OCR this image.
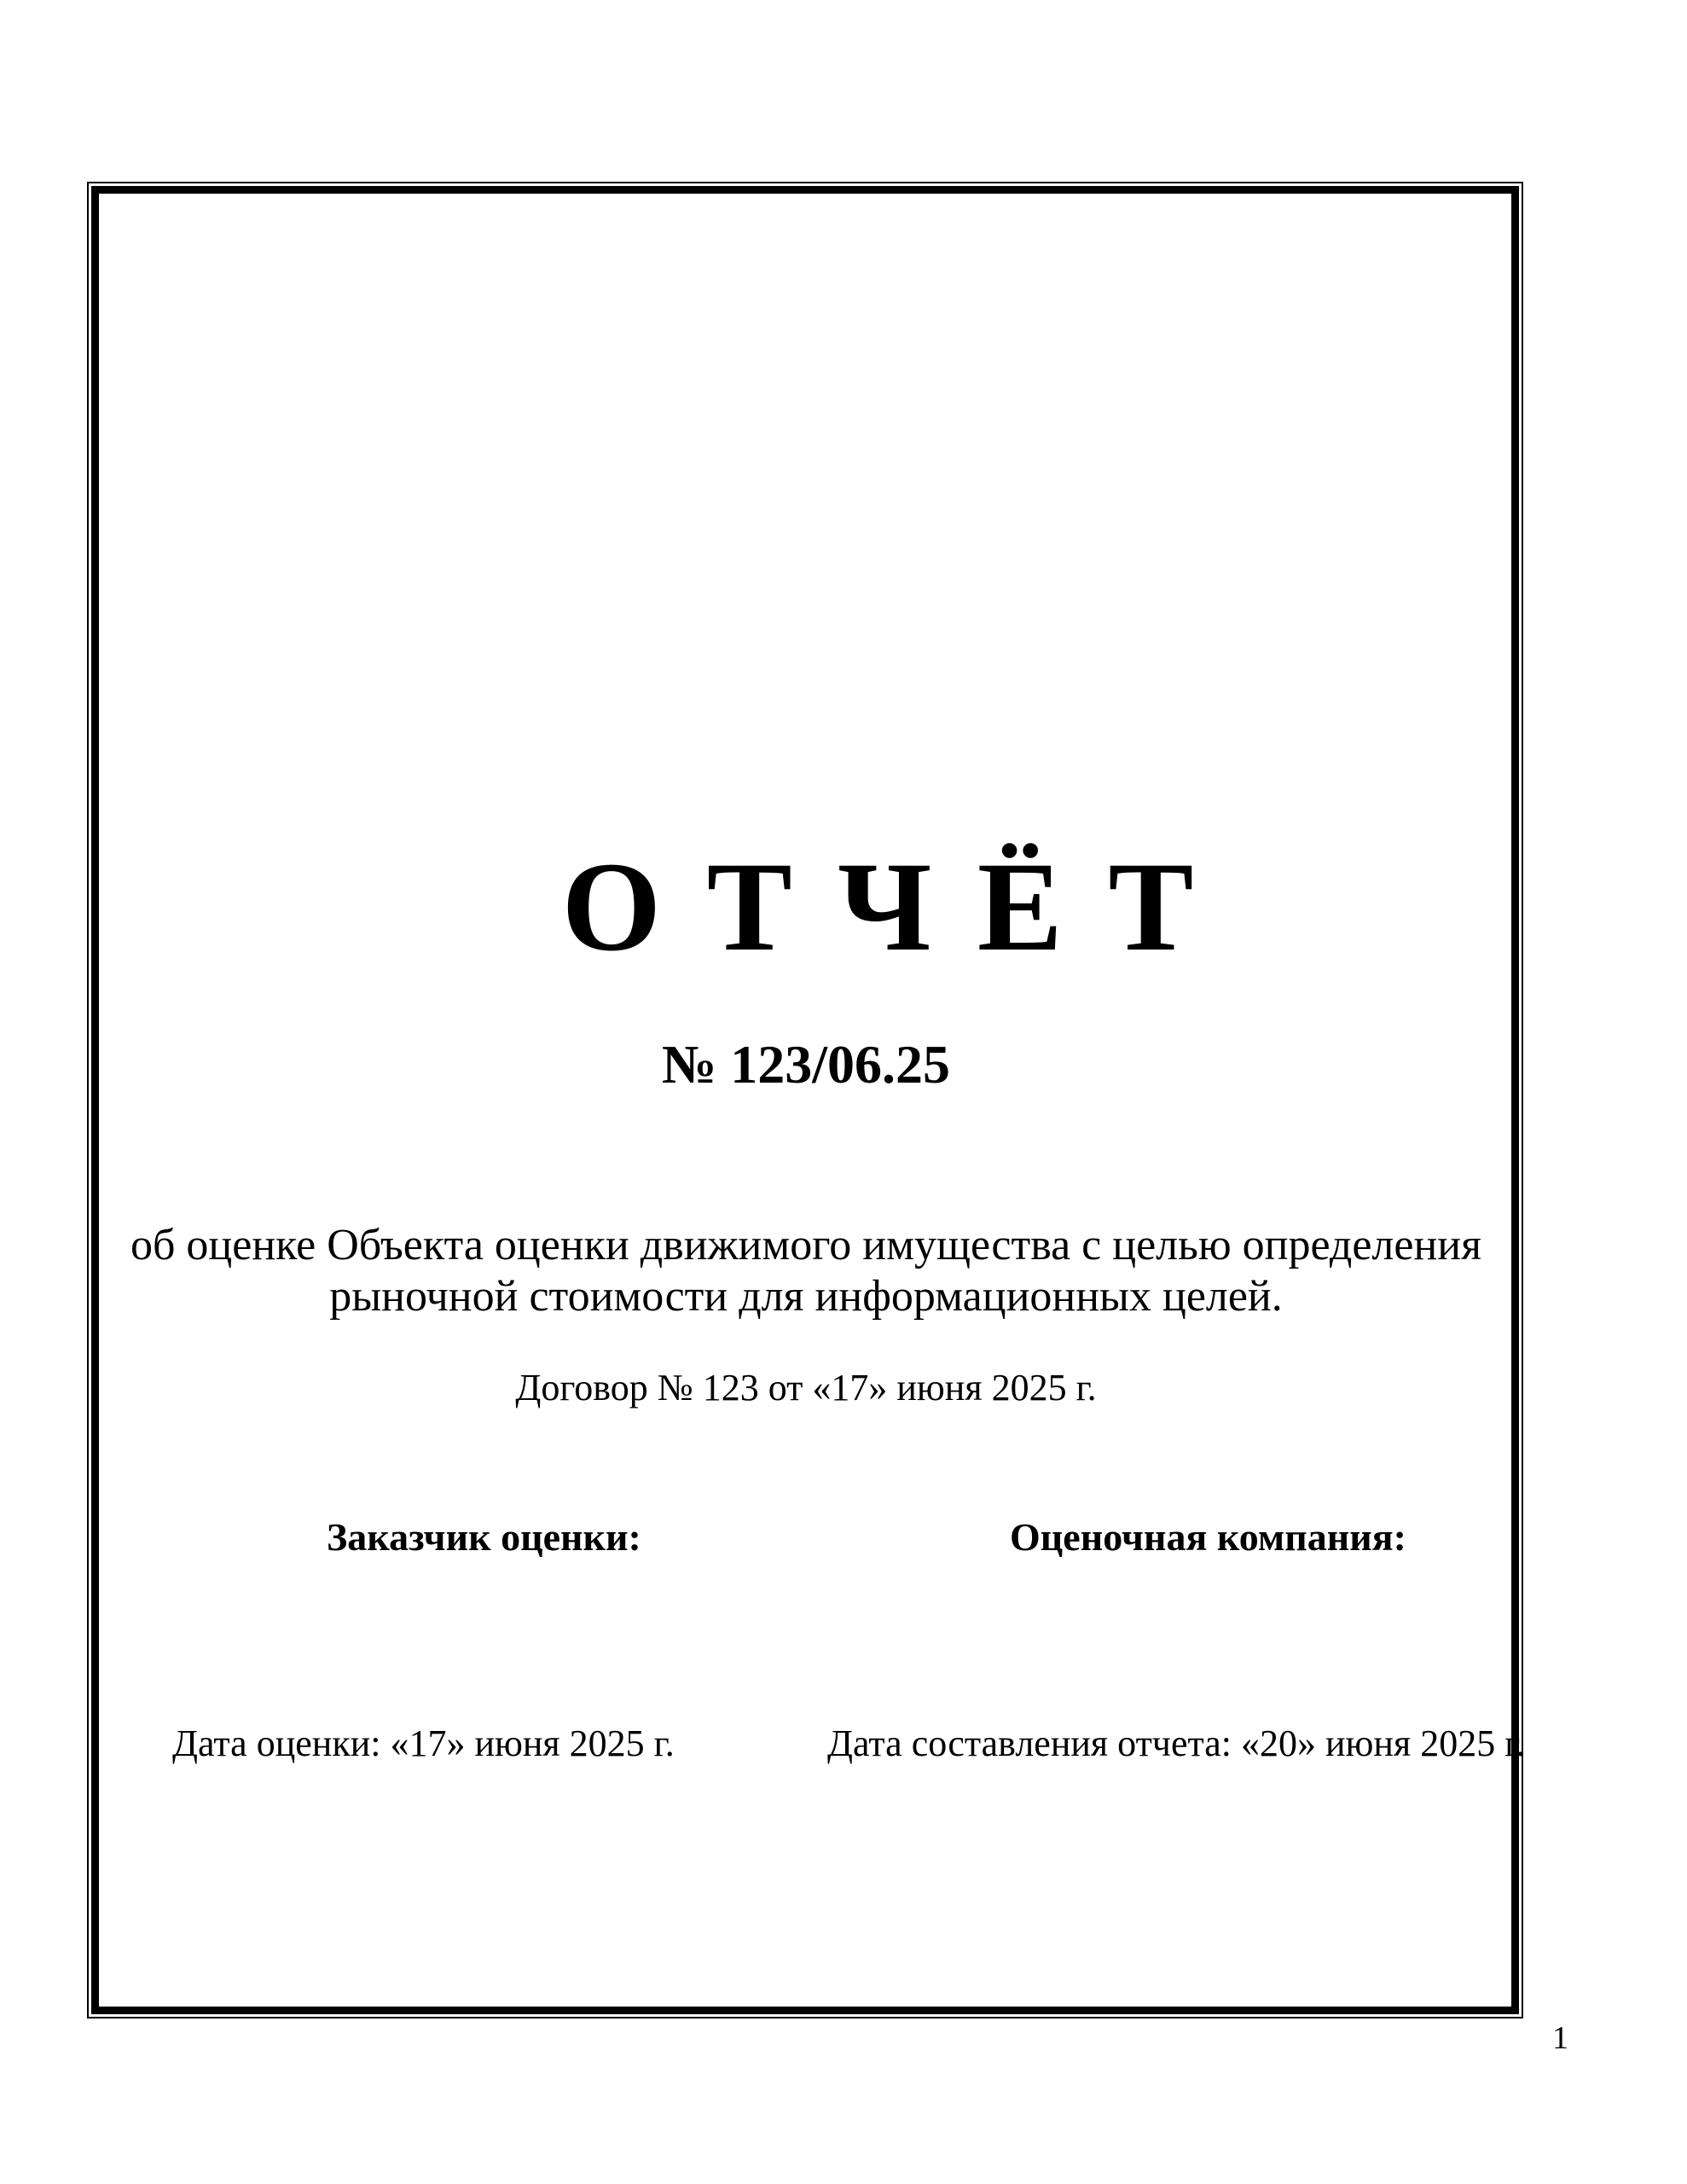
О Т Ч Ё Т
№ 123/06.25
об оценке Объекта оценки движимого имущества с целью определения
рыночной стоимости для информационных целей.
Договор № 123 от «17» июня 2025 г.
Заказчик оценки:	Оценочная компания:
Дата оценки: «17» июня 2025 г.	Дата составления отчета: «20» июня 2025 г.
1
